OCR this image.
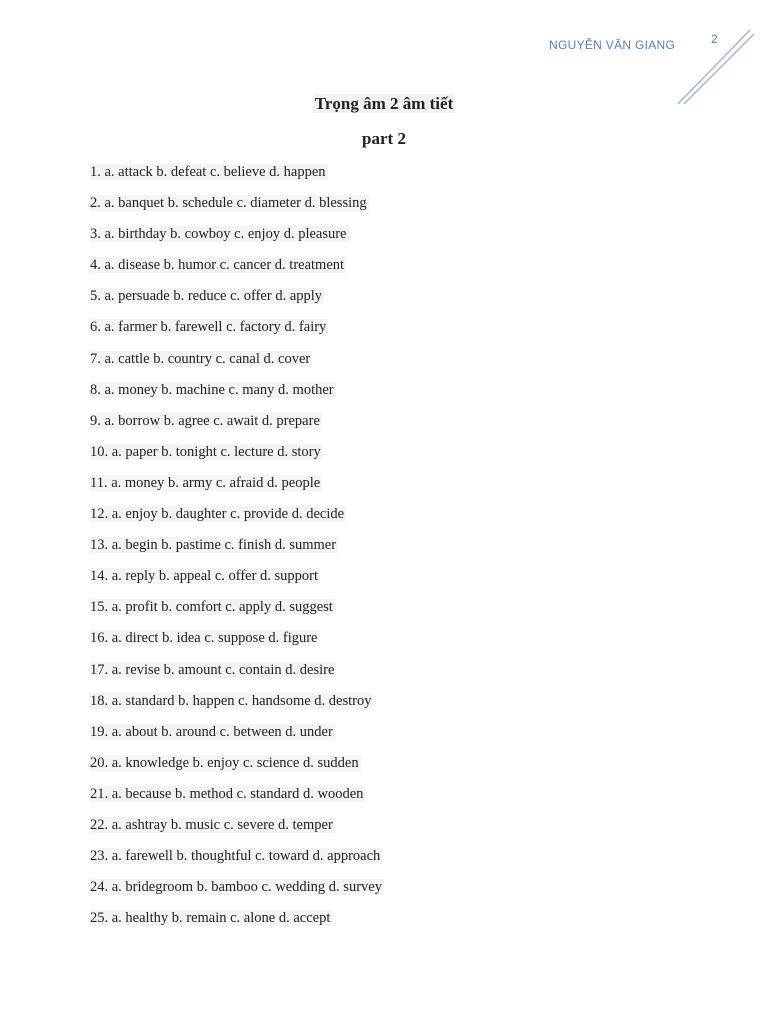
NGUYỄN VĂN GIANG	2
Trọng âm 2 âm tiết
part 2
1. a. attack b. defeat c. believe d. happen
2. a. banquet b. schedule c. diameter d. blessing
3. a. birthday b. cowboy c. enjoy d. pleasure
4. a. disease b. humor c. cancer d. treatment
5. a. persuade b. reduce c. offer d. apply
6. a. farmer b. farewell c. factory d. fairy
7. a. cattle b. country c. canal d. cover
8. a. money b. machine c. many d. mother
9. a. borrow b. agree c. await d. prepare
10. a. paper b. tonight c. lecture d. story
11. a. money b. army c. afraid d. people
12. a. enjoy b. daughter c. provide d. decide
13. a. begin b. pastime c. finish d. summer
14. a. reply b. appeal c. offer d. support
15. a. profit b. comfort c. apply d. suggest
16. a. direct b. idea c. suppose d. figure
17. a. revise b. amount c. contain d. desire
18. a. standard b. happen c. handsome d. destroy
19. a. about b. around c. between d. under
20. a. knowledge b. enjoy c. science d. sudden
21. a. because b. method c. standard d. wooden
22. a. ashtray b. music c. severe d. temper
23. a. farewell b. thoughtful c. toward d. approach
24. a. bridegroom b. bamboo c. wedding d. survey
25. a. healthy b. remain c. alone d. accept
